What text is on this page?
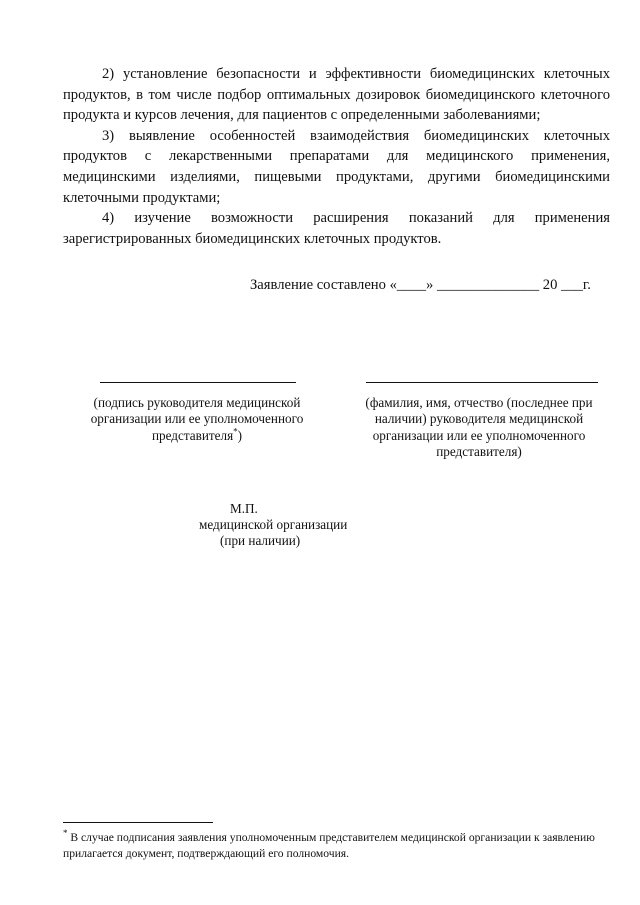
2) установление безопасности и эффективности биомедицинских клеточных продуктов, в том числе подбор оптимальных дозировок биомедицинского клеточного продукта и курсов лечения, для пациентов с определенными заболеваниями;

3) выявление особенностей взаимодействия биомедицинских клеточных продуктов с лекарственными препаратами для медицинского применения, медицинскими изделиями, пищевыми продуктами, другими биомедицинскими клеточными продуктами;

4) изучение возможности расширения показаний для применения зарегистрированных биомедицинских клеточных продуктов.

Заявление составлено «____» ______________ 20 ___г.
(подпись руководителя медицинской организации или ее уполномоченного представителя*)
(фамилия, имя, отчество (последнее при наличии) руководителя медицинской организации или ее уполномоченного представителя)
М.П.
медицинской организации
(при наличии)
* В случае подписания заявления уполномоченным представителем медицинской организации к заявлению прилагается документ, подтверждающий его полномочия.
